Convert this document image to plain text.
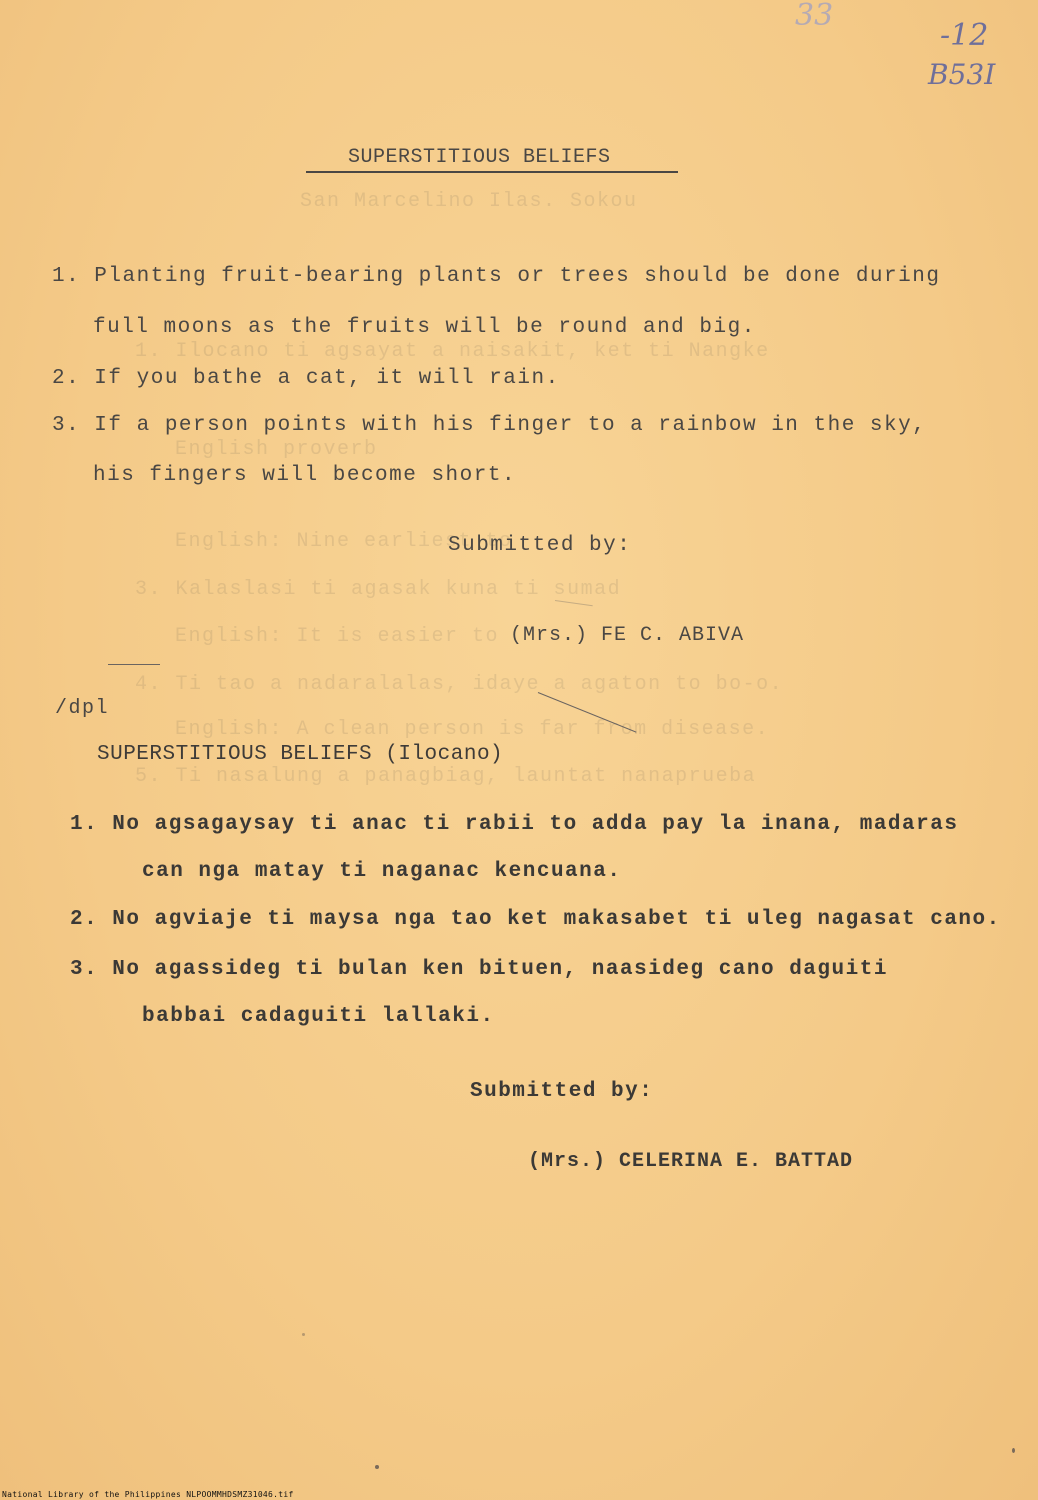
San Marcelino Ilas. Sokou
1. Ilocano ti agsayat a naisakit, ket ti Nangke
English proverb
English: Nine earliest to
3. Kalaslasi ti agasak kuna ti sumad
English: It is easier to
4. Ti tao a nadaralalas, idaye a agaton to bo-o.
English: A clean person is far from disease.
5. Ti nasalung a panagbiag, launtat nanaprueba
33
-12
B53I
SUPERSTITIOUS BELIEFS
1. Planting fruit-bearing plants or trees should be done during
full moons as the fruits will be round and big.
2. If you bathe a cat, it will rain.
3. If a person points with his finger to a rainbow in the sky,
his fingers will become short.
Submitted by:
(Mrs.) FE C. ABIVA
/dpl
SUPERSTITIOUS BELIEFS (Ilocano)
1. No agsagaysay ti anac ti rabii to adda pay la inana, madaras
can nga matay ti naganac kencuana.
2. No agviaje ti maysa nga tao ket makasabet ti uleg nagasat cano.
3. No agassideg ti bulan ken bituen, naasideg cano daguiti
babbai cadaguiti lallaki.
Submitted by:
(Mrs.) CELERINA E. BATTAD
National Library of the Philippines NLPOOMMHDSMZ31046.tif
